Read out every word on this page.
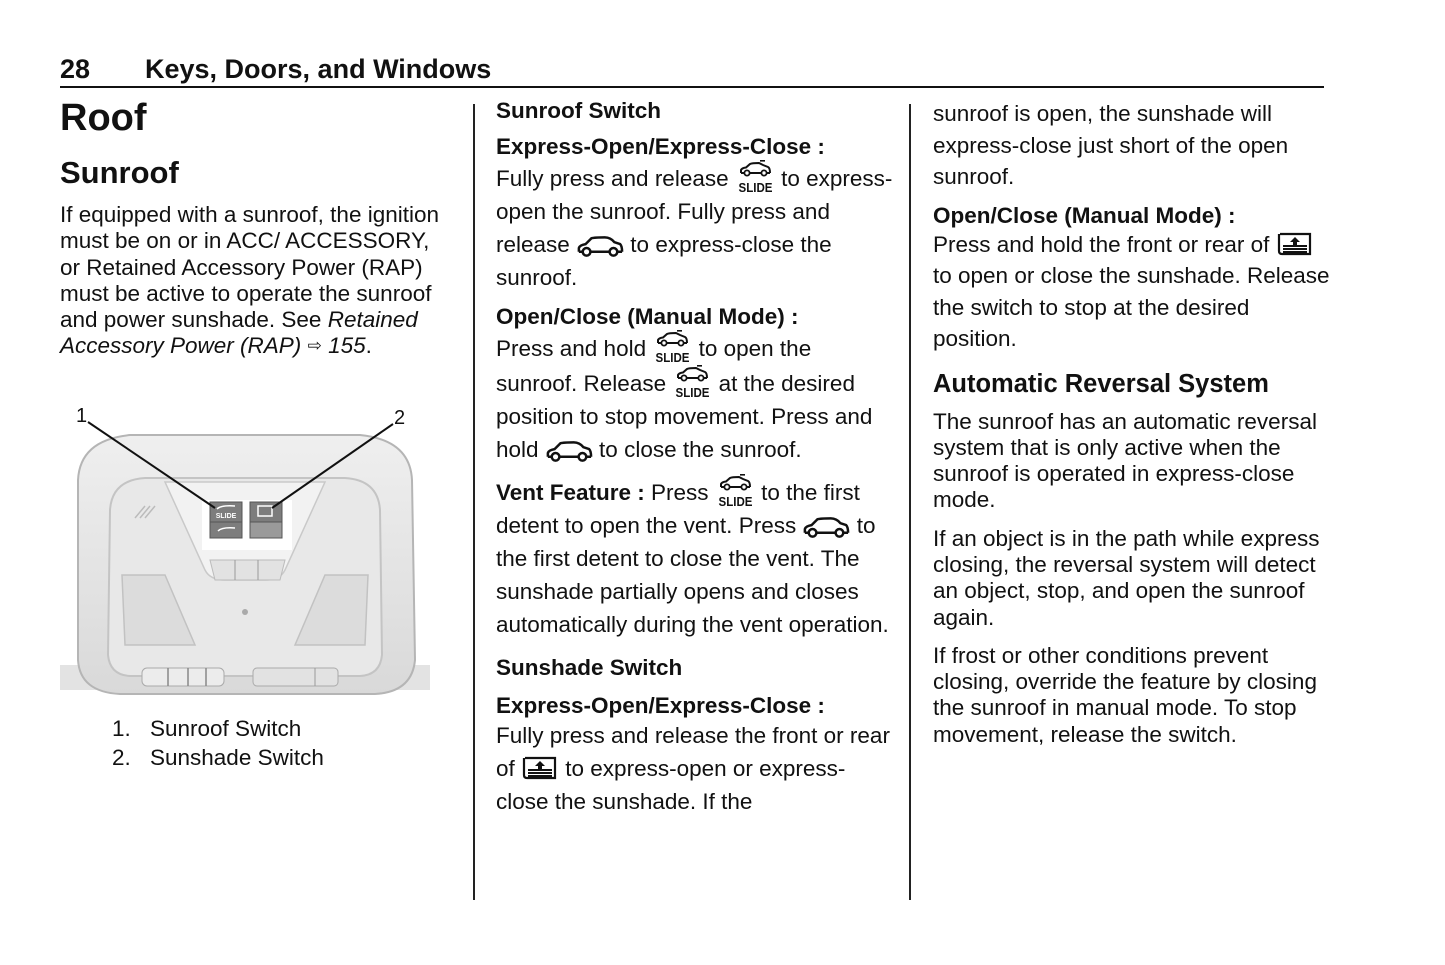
28	Keys, Doors, and Windows
Roof
Sunroof

If equipped with a sunroof, the ignition must be on or in ACC/ ACCESSORY, or Retained Accessory Power (RAP) must be active to operate the sunroof and power sunshade. See Retained Accessory Power (RAP) ⇨ 155.

SLIDE
1	2
1. Sunroof Switch
2. Sunshade Switch
Sunroof Switch
Express-Open/Express-Close :

Fully press and release  to express-open the sunroof. Fully press and release  to express-close the sunroof.

Open/Close (Manual Mode) :

Press and hold  to open the sunroof. Release  at the desired position to stop movement. Press and hold  to close the sunroof.

Vent Feature : Press  to the first detent to open the vent. Press  to the first detent to close the vent. The sunshade partially opens and closes automatically during the vent operation.

Sunshade Switch
Express-Open/Express-Close :

Fully press and release the front or rear of  to express-open or express-close the sunshade. If the

sunroof is open, the sunshade will express-close just short of the open sunroof.

Open/Close (Manual Mode) :

Press and hold the front or rear of  to open or close the sunshade. Release the switch to stop at the desired position.

Automatic Reversal System

The sunroof has an automatic reversal system that is only active when the sunroof is operated in express-close mode.

If an object is in the path while express closing, the reversal system will detect an object, stop, and open the sunroof again.

If frost or other conditions prevent closing, override the feature by closing the sunroof in manual mode. To stop movement, release the switch.
